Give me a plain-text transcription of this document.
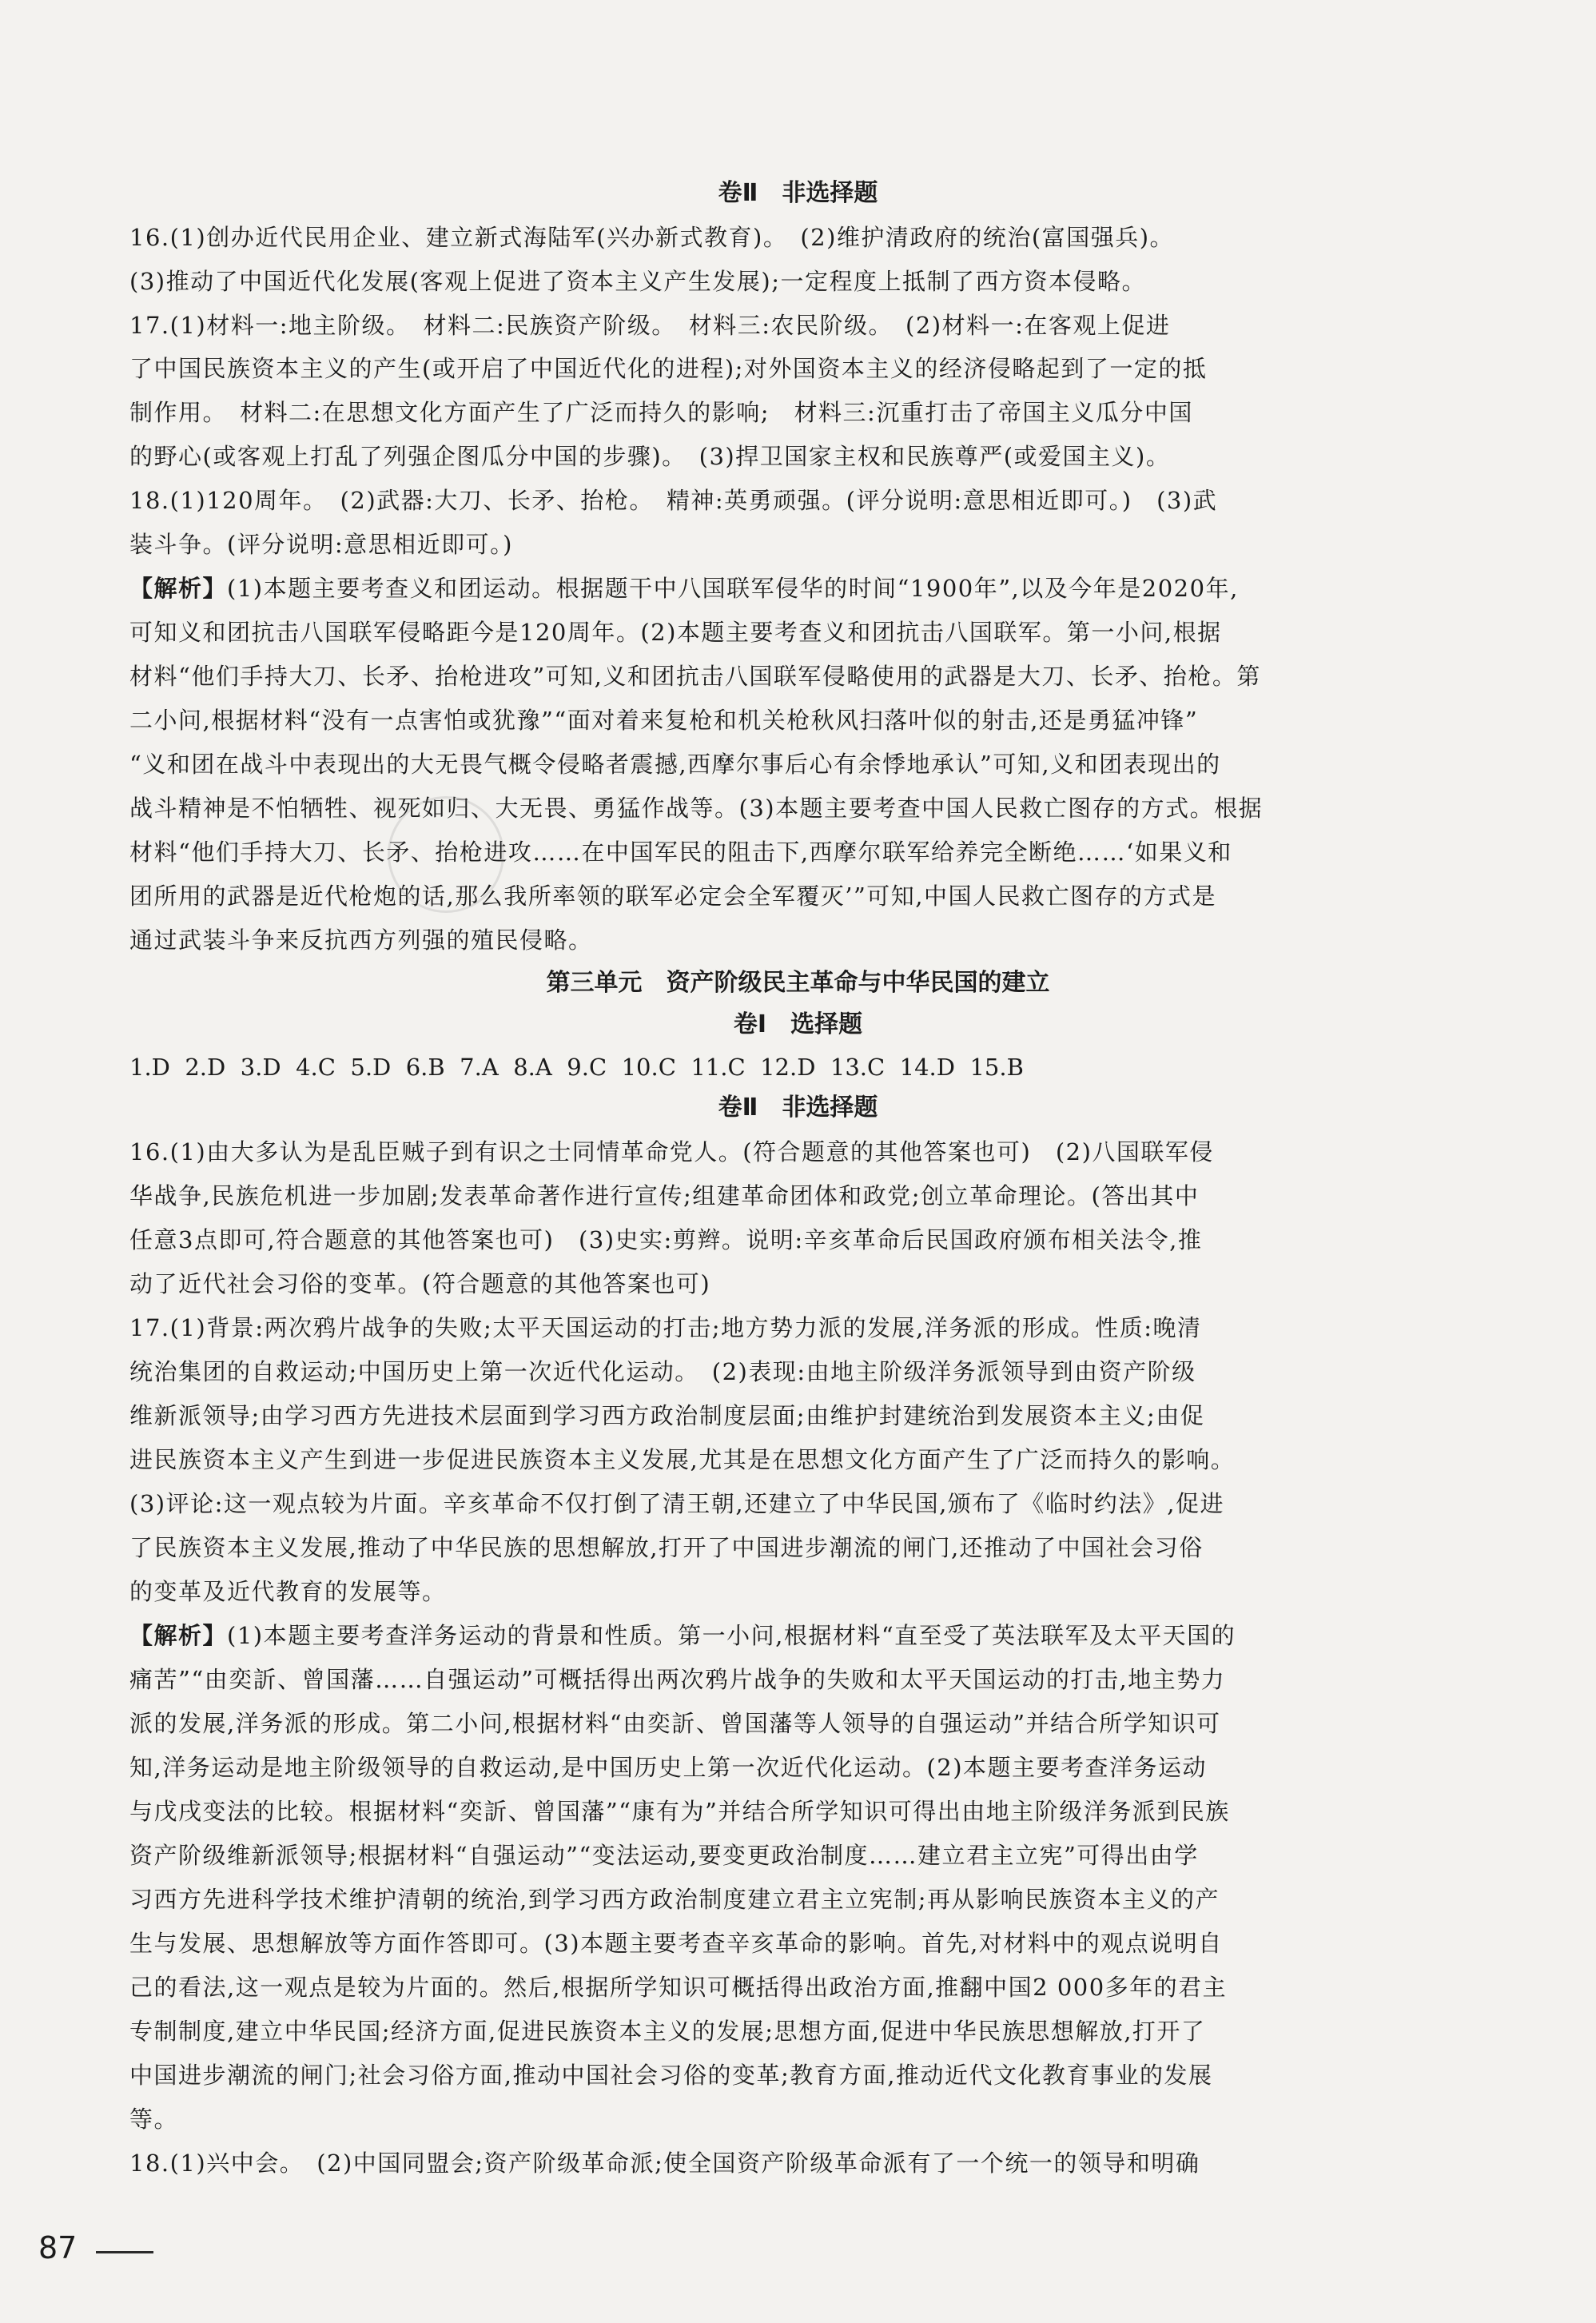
卷Ⅱ　非选择题
16.(1)创办近代民用企业、建立新式海陆军(兴办新式教育)。　(2)维护清政府的统治(富国强兵)。
(3)推动了中国近代化发展(客观上促进了资本主义产生发展);一定程度上抵制了西方资本侵略。
17.(1)材料一:地主阶级。　材料二:民族资产阶级。　材料三:农民阶级。　(2)材料一:在客观上促进
了中国民族资本主义的产生(或开启了中国近代化的进程);对外国资本主义的经济侵略起到了一定的抵
制作用。　材料二:在思想文化方面产生了广泛而持久的影响;　材料三:沉重打击了帝国主义瓜分中国
的野心(或客观上打乱了列强企图瓜分中国的步骤)。　(3)捍卫国家主权和民族尊严(或爱国主义)。
18.(1)120周年。　(2)武器:大刀、长矛、抬枪。　精神:英勇顽强。(评分说明:意思相近即可。)　(3)武
装斗争。(评分说明:意思相近即可。)
【解析】(1)本题主要考查义和团运动。根据题干中八国联军侵华的时间“1900年”,以及今年是2020年,
可知义和团抗击八国联军侵略距今是120周年。(2)本题主要考查义和团抗击八国联军。第一小问,根据
材料“他们手持大刀、长矛、抬枪进攻”可知,义和团抗击八国联军侵略使用的武器是大刀、长矛、抬枪。第
二小问,根据材料“没有一点害怕或犹豫”“面对着来复枪和机关枪秋风扫落叶似的射击,还是勇猛冲锋”
“义和团在战斗中表现出的大无畏气概令侵略者震撼,西摩尔事后心有余悸地承认”可知,义和团表现出的
战斗精神是不怕牺牲、视死如归、大无畏、勇猛作战等。(3)本题主要考查中国人民救亡图存的方式。根据
材料“他们手持大刀、长矛、抬枪进攻……在中国军民的阻击下,西摩尔联军给养完全断绝……‘如果义和
团所用的武器是近代枪炮的话,那么我所率领的联军必定会全军覆灭’”可知,中国人民救亡图存的方式是
通过武装斗争来反抗西方列强的殖民侵略。
第三单元　资产阶级民主革命与中华民国的建立
卷Ⅰ　选择题
1.D 2.D 3.D 4.C 5.D 6.B 7.A 8.A 9.C 10.C 11.C 12.D 13.C 14.D 15.B
卷Ⅱ　非选择题
16.(1)由大多认为是乱臣贼子到有识之士同情革命党人。(符合题意的其他答案也可)　(2)八国联军侵
华战争,民族危机进一步加剧;发表革命著作进行宣传;组建革命团体和政党;创立革命理论。(答出其中
任意3点即可,符合题意的其他答案也可)　(3)史实:剪辫。说明:辛亥革命后民国政府颁布相关法令,推
动了近代社会习俗的变革。(符合题意的其他答案也可)
17.(1)背景:两次鸦片战争的失败;太平天国运动的打击;地方势力派的发展,洋务派的形成。性质:晚清
统治集团的自救运动;中国历史上第一次近代化运动。　(2)表现:由地主阶级洋务派领导到由资产阶级
维新派领导;由学习西方先进技术层面到学习西方政治制度层面;由维护封建统治到发展资本主义;由促
进民族资本主义产生到进一步促进民族资本主义发展,尤其是在思想文化方面产生了广泛而持久的影响。
(3)评论:这一观点较为片面。辛亥革命不仅打倒了清王朝,还建立了中华民国,颁布了《临时约法》,促进
了民族资本主义发展,推动了中华民族的思想解放,打开了中国进步潮流的闸门,还推动了中国社会习俗
的变革及近代教育的发展等。
【解析】(1)本题主要考查洋务运动的背景和性质。第一小问,根据材料“直至受了英法联军及太平天国的
痛苦”“由奕訢、曾国藩……自强运动”可概括得出两次鸦片战争的失败和太平天国运动的打击,地主势力
派的发展,洋务派的形成。第二小问,根据材料“由奕訢、曾国藩等人领导的自强运动”并结合所学知识可
知,洋务运动是地主阶级领导的自救运动,是中国历史上第一次近代化运动。(2)本题主要考查洋务运动
与戊戌变法的比较。根据材料“奕訢、曾国藩”“康有为”并结合所学知识可得出由地主阶级洋务派到民族
资产阶级维新派领导;根据材料“自强运动”“变法运动,要变更政治制度……建立君主立宪”可得出由学
习西方先进科学技术维护清朝的统治,到学习西方政治制度建立君主立宪制;再从影响民族资本主义的产
生与发展、思想解放等方面作答即可。(3)本题主要考查辛亥革命的影响。首先,对材料中的观点说明自
己的看法,这一观点是较为片面的。然后,根据所学知识可概括得出政治方面,推翻中国2 000多年的君主
专制制度,建立中华民国;经济方面,促进民族资本主义的发展;思想方面,促进中华民族思想解放,打开了
中国进步潮流的闸门;社会习俗方面,推动中国社会习俗的变革;教育方面,推动近代文化教育事业的发展
等。
18.(1)兴中会。　(2)中国同盟会;资产阶级革命派;使全国资产阶级革命派有了一个统一的领导和明确
87
